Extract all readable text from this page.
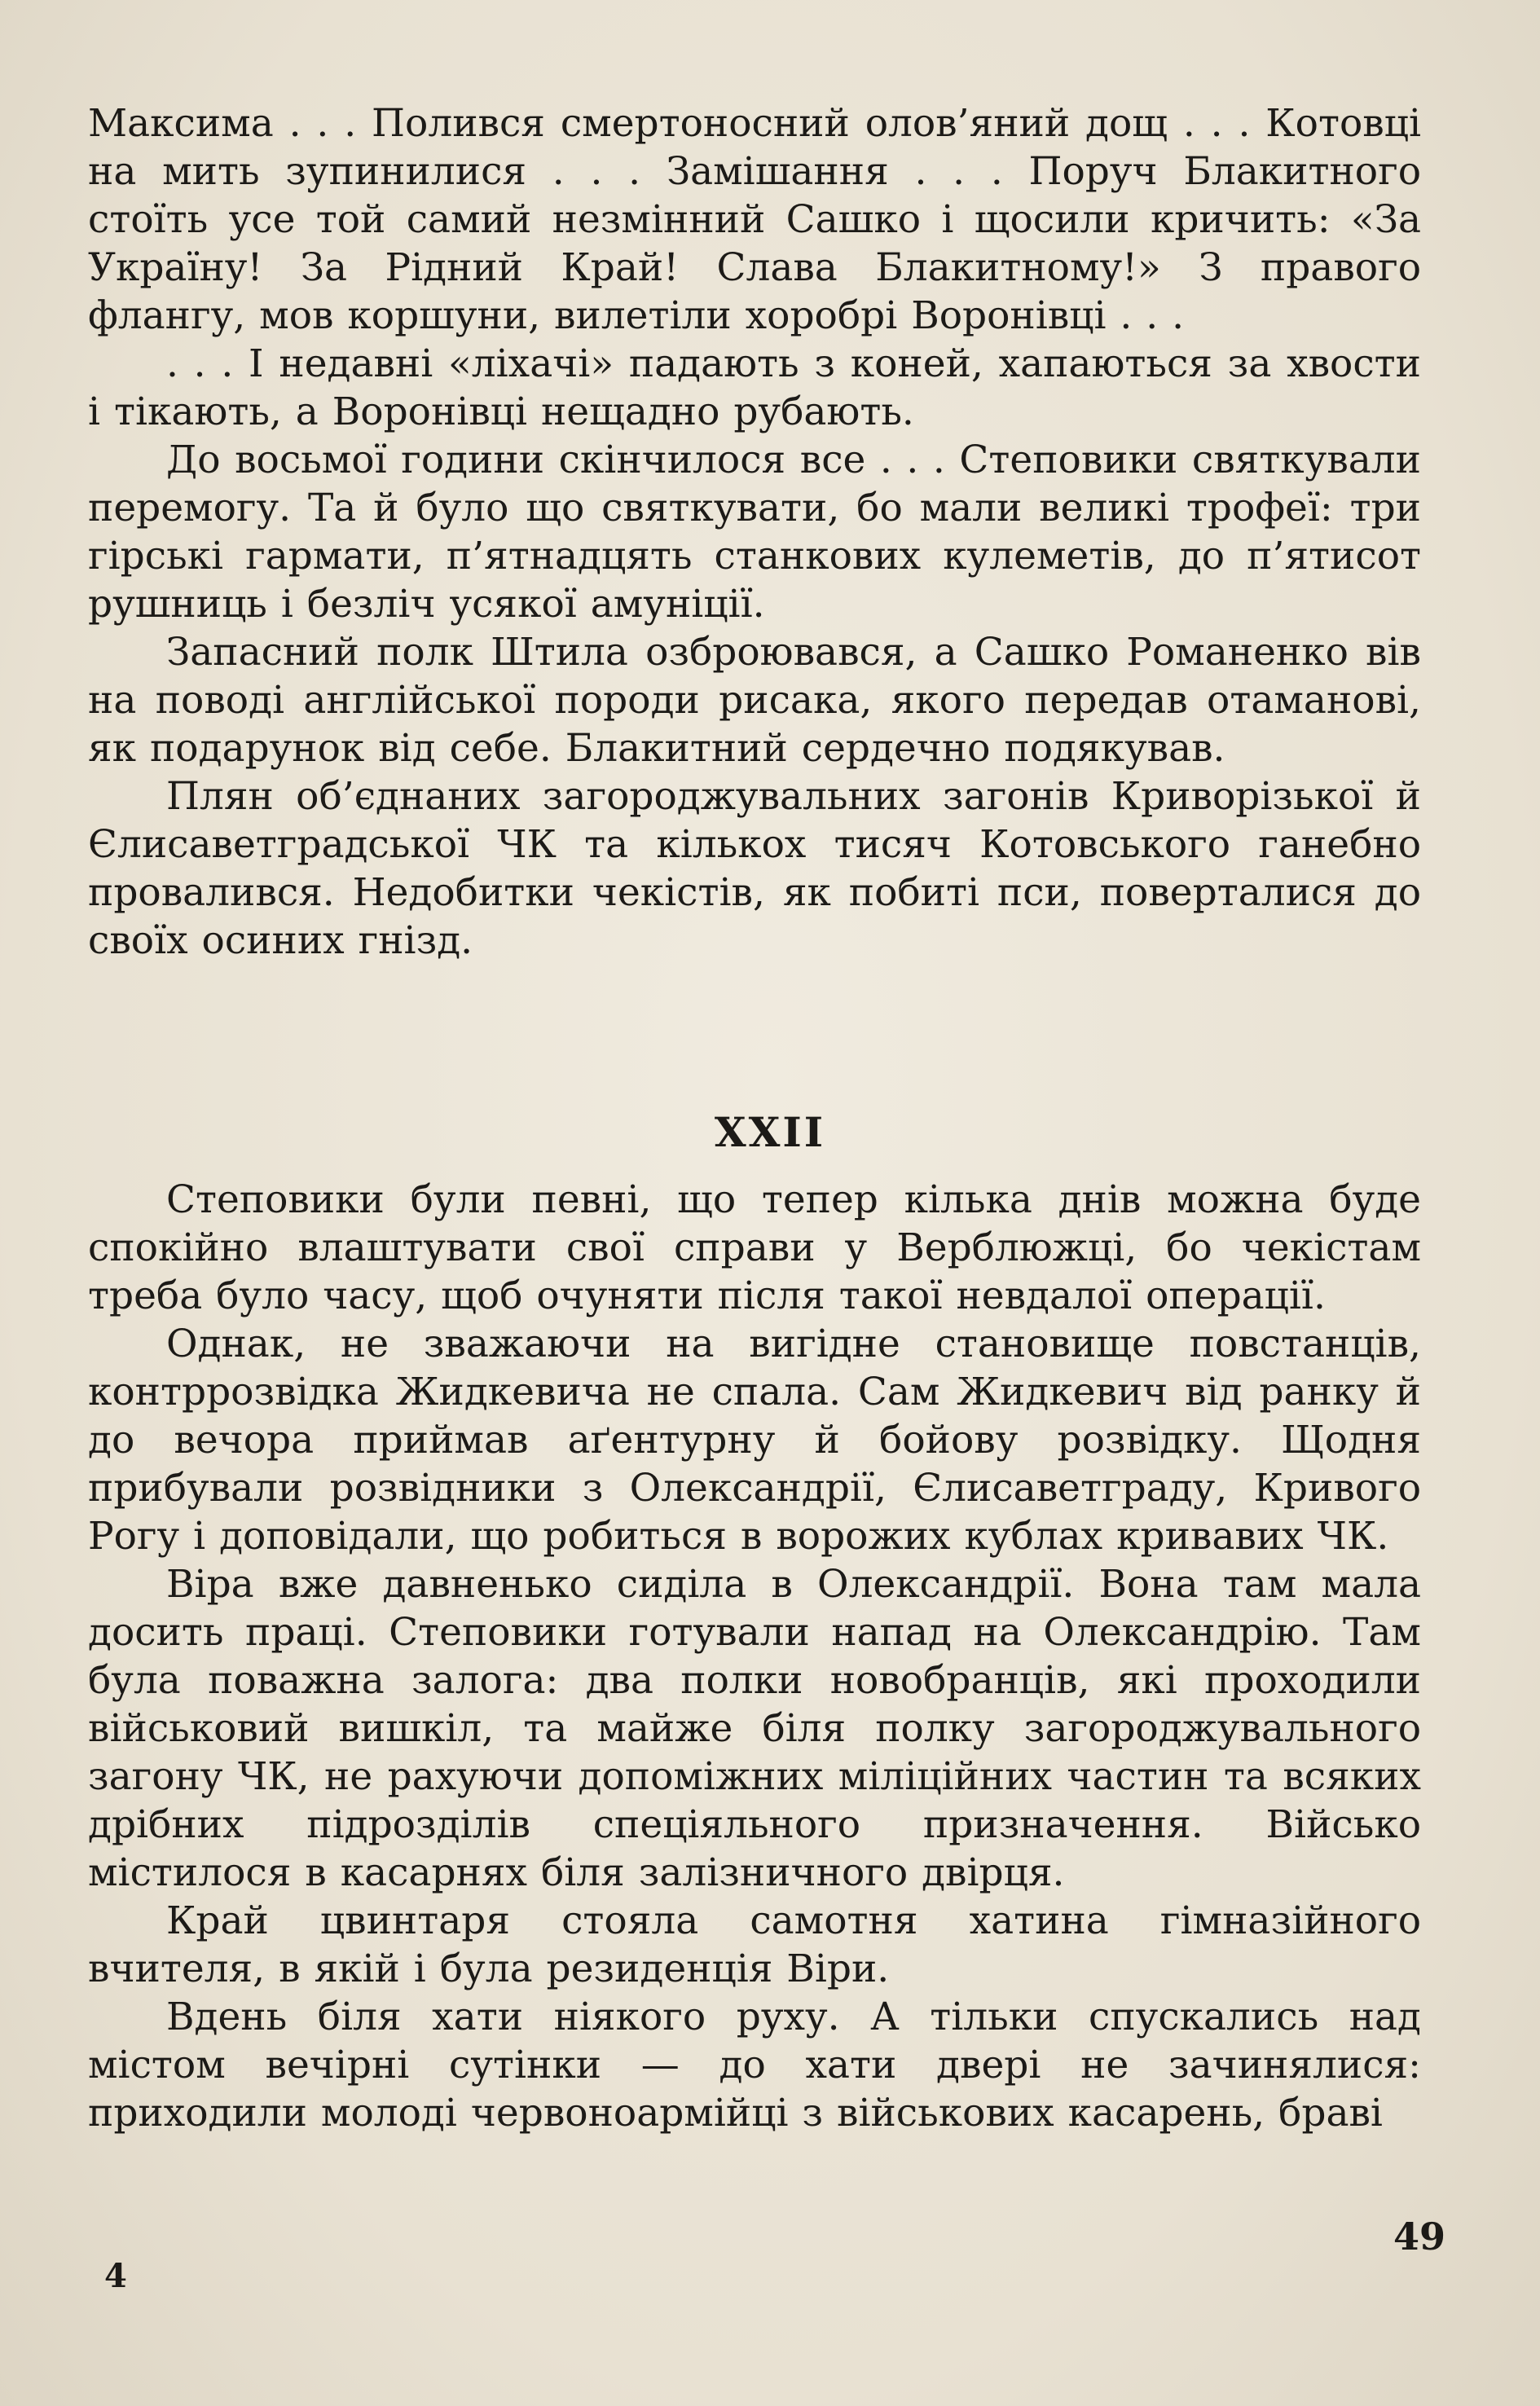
Максима . . . Полився смертоносний олов’яний дощ . . . Котовці на мить зупинилися . . . Замішання . . . Поруч Блакитного стоїть усе той самий незмінний Сашко і щосили кричить: «За Україну! За Рідний Край! Слава Блакитному!» З правого флангу, мов коршуни, вилетіли хоробрі Воронівці . . .

. . . І недавні «ліхачі» падають з коней, хапаються за хвости і тікають, а Воронівці нещадно рубають.

До восьмої години скінчилося все . . . Степовики святкували перемогу. Та й було що святкувати, бо мали великі трофеї: три гірські гармати, п’ятнадцять станкових кулеметів, до п’ятисот рушниць і безліч усякої амуніції.

Запасний полк Штила озброювався, а Сашко Романенко вів на поводі англійської породи рисака, якого передав отаманові, як подарунок від себе. Блакитний сердечно подякував.

Плян об’єднаних загороджувальних загонів Криворізької й Єлисаветградської ЧК та кількох тисяч Котовського ганебно провалився. Недобитки чекістів, як побиті пси, поверталися до своїх осиних гнізд.

XXII

Степовики були певні, що тепер кілька днів можна буде спокійно влаштувати свої справи у Верблюжці, бо чекістам треба було часу, щоб очуняти після такої невдалої операції.

Однак, не зважаючи на вигідне становище повстанців, контррозвідка Жидкевича не спала. Сам Жидкевич від ранку й до вечора приймав аґентурну й бойову розвідку. Щодня прибували розвідники з Олександрії, Єлисаветграду, Кривого Рогу і доповідали, що робиться в ворожих кублах кривавих ЧК.

Віра вже давненько сиділа в Олександрії. Вона там мала досить праці. Степовики готували напад на Олександрію. Там була поважна залога: два полки новобранців, які проходили військовий вишкіл, та майже біля полку загороджувального загону ЧК, не рахуючи допоміжних міліційних частин та всяких дрібних підрозділів спеціяльного призначення. Військо містилося в касарнях біля залізничного двірця.

Край цвинтаря стояла самотня хатина гімназійного вчителя, в якій і була резиденція Віри.

Вдень біля хати ніякого руху. А тільки спускались над містом вечірні сутінки — до хати двері не зачинялися: приходили молоді червоноармійці з військових касарень, браві

4
49
